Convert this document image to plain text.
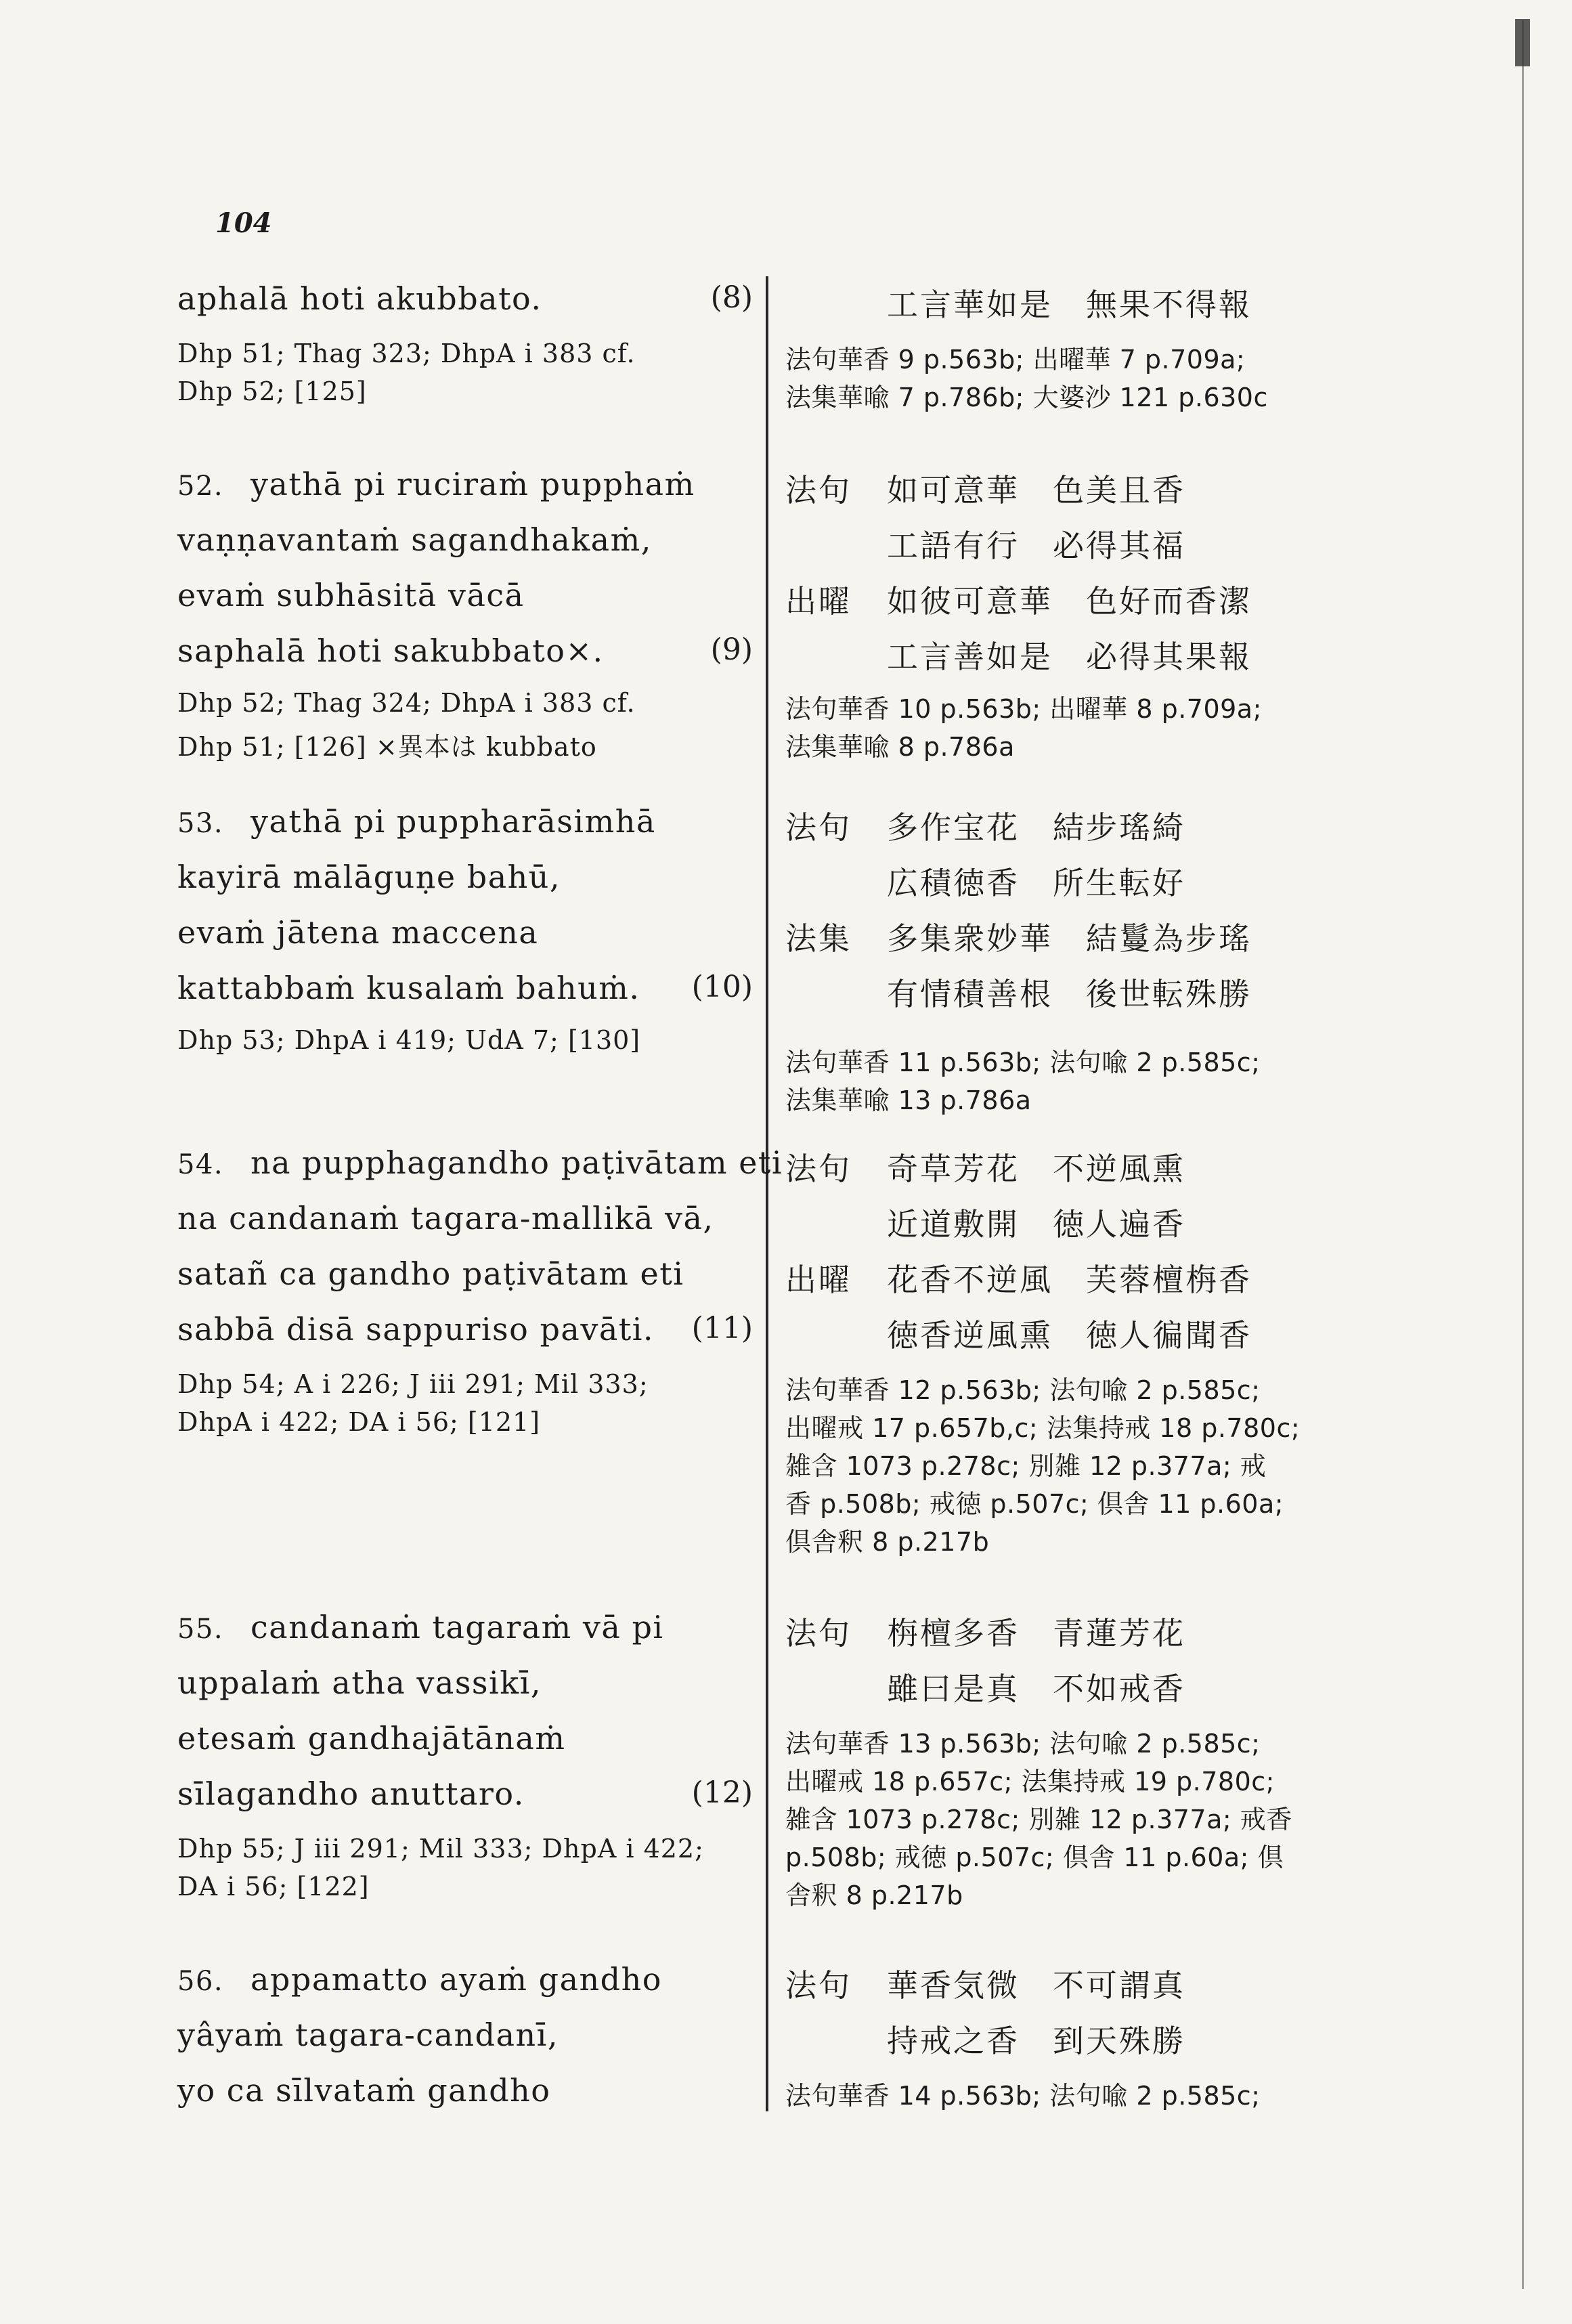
104
aphalā hoti akubbato.	(8)
Dhp 51; Thag 323; DhpA i 383 cf.
Dhp 52; [125]
52. yathā pi ruciraṁ pupphaṁ
vaṇṇavantaṁ sagandhakaṁ,
evaṁ subhāsitā vācā
saphalā hoti sakubbato×.	(9)
Dhp 52; Thag 324; DhpA i 383 cf.
Dhp 51; [126] ×異本は kubbato
53. yathā pi puppharāsimhā
kayirā mālāguṇe bahū,
evaṁ jātena maccena
kattabbaṁ kusalaṁ bahuṁ. (10)
Dhp 53; DhpA i 419; UdA 7; [130]
54. na pupphagandho paṭivātam eti
na candanaṁ tagara-mallikā vā,
satañ ca gandho paṭivātam eti
sabbā disā sappuriso pavāti. (11)
Dhp 54; A i 226; J iii 291; Mil 333;
DhpA i 422; DA i 56; [121]
55. candanaṁ tagaraṁ vā pi
uppalaṁ atha vassikī,
etesaṁ gandhajātānaṁ
sīlagandho anuttaro.	(12)
Dhp 55; J iii 291; Mil 333; DhpA i 422;
DA i 56; [122]
56. appamatto ayaṁ gandho
yâyaṁ tagara-candanī,
yo ca sīlvataṁ gandho
工言華如是　無果不得報
法句華香 9 p.563b; 出曜華 7 p.709a;
法集華喩 7 p.786b; 大婆沙 121 p.630c
法句 如可意華　色美且香
工語有行　必得其福
出曜 如彼可意華　色好而香潔
工言善如是　必得其果報
法句華香 10 p.563b; 出曜華 8 p.709a;
法集華喩 8 p.786a
法句 多作宝花　結步瑤綺
広積徳香　所生転好
法集 多集衆妙華　結鬘為步瑤
有情積善根　後世転殊勝
法句華香 11 p.563b; 法句喩 2 p.585c;
法集華喩 13 p.786a
法句 奇草芳花　不逆風熏
近道敷開　徳人遍香
出曜 花香不逆風　芙蓉檀栴香
徳香逆風熏　徳人徧聞香
法句華香 12 p.563b; 法句喩 2 p.585c;
出曜戒 17 p.657b,c; 法集持戒 18 p.780c;
雑含 1073 p.278c; 別雑 12 p.377a; 戒
香 p.508b; 戒徳 p.507c; 倶舎 11 p.60a;
倶舎釈 8 p.217b
法句 栴檀多香　青蓮芳花
雖曰是真　不如戒香
法句華香 13 p.563b; 法句喩 2 p.585c;
出曜戒 18 p.657c; 法集持戒 19 p.780c;
雑含 1073 p.278c; 別雑 12 p.377a; 戒香
p.508b; 戒徳 p.507c; 倶舎 11 p.60a; 倶
舎釈 8 p.217b
法句 華香気微　不可謂真
持戒之香　到天殊勝
法句華香 14 p.563b; 法句喩 2 p.585c;
